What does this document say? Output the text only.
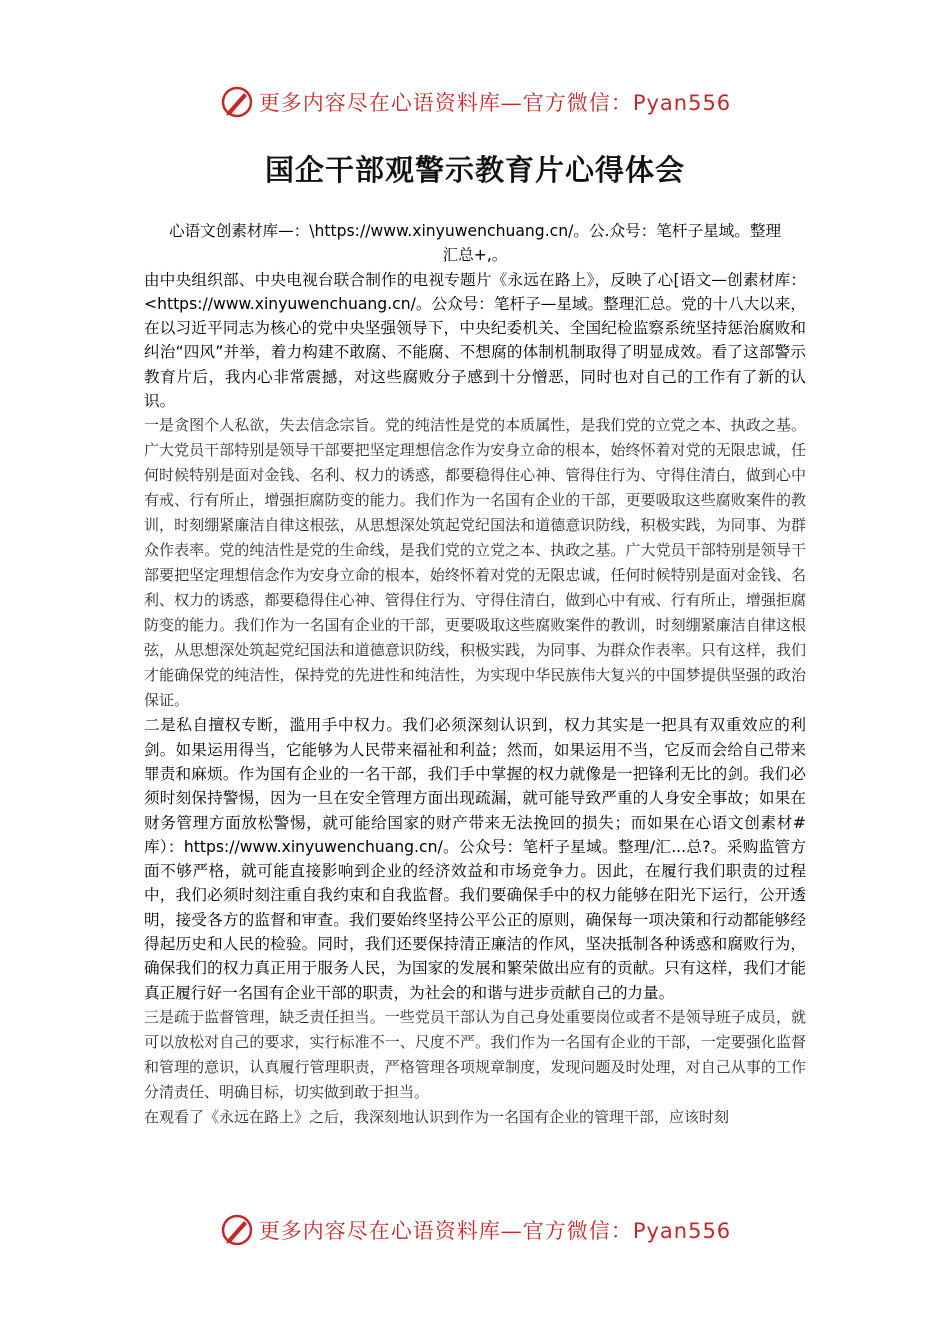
更多内容尽在心语资料库—官方微信：Pyan556
国企干部观警示教育片心得体会

心语文创素材库—：\https://www.xinyuwenchuang.cn/。公.众号：笔杆子星域。整理

汇总+,。

由中央组织部、中央电视台联合制作的电视专题片《永远在路上》，反映了心[语文—创素材库：<https://www.xinyuwenchuang.cn/。公众号：笔杆子—星域。整理汇总。党的十八大以来，在以习近平同志为核心的党中央坚强领导下，中央纪委机关、全国纪检监察系统坚持惩治腐败和纠治“四风”并举，着力构建不敢腐、不能腐、不想腐的体制机制取得了明显成效。看了这部警示教育片后，我内心非常震撼，对这些腐败分子感到十分憎恶，同时也对自己的工作有了新的认识。

一是贪图个人私欲，失去信念宗旨。党的纯洁性是党的本质属性，是我们党的立党之本、执政之基。广大党员干部特别是领导干部要把坚定理想信念作为安身立命的根本，始终怀着对党的无限忠诚，任何时候特别是面对金钱、名利、权力的诱惑，都要稳得住心神、管得住行为、守得住清白，做到心中有戒、行有所止，增强拒腐防变的能力。我们作为一名国有企业的干部，更要吸取这些腐败案件的教训，时刻绷紧廉洁自律这根弦，从思想深处筑起党纪国法和道德意识防线，积极实践，为同事、为群众作表率。党的纯洁性是党的生命线，是我们党的立党之本、执政之基。广大党员干部特别是领导干部要把坚定理想信念作为安身立命的根本，始终怀着对党的无限忠诚，任何时候特别是面对金钱、名利、权力的诱惑，都要稳得住心神、管得住行为、守得住清白，做到心中有戒、行有所止，增强拒腐防变的能力。我们作为一名国有企业的干部，更要吸取这些腐败案件的教训，时刻绷紧廉洁自律这根弦，从思想深处筑起党纪国法和道德意识防线，积极实践，为同事、为群众作表率。只有这样，我们才能确保党的纯洁性，保持党的先进性和纯洁性，为实现中华民族伟大复兴的中国梦提供坚强的政治保证。

二是私自擅权专断，滥用手中权力。我们必须深刻认识到，权力其实是一把具有双重效应的利剑。如果运用得当，它能够为人民带来福祉和利益；然而，如果运用不当，它反而会给自己带来罪责和麻烦。作为国有企业的一名干部，我们手中掌握的权力就像是一把锋利无比的剑。我们必须时刻保持警惕，因为一旦在安全管理方面出现疏漏，就可能导致严重的人身安全事故；如果在财务管理方面放松警惕，就可能给国家的财产带来无法挽回的损失；而如果在心语文创素材#库）：https://www.xinyuwenchuang.cn/。公众号：笔杆子星域。整理/汇...总?。采购监管方面不够严格，就可能直接影响到企业的经济效益和市场竞争力。因此，在履行我们职责的过程中，我们必须时刻注重自我约束和自我监督。我们要确保手中的权力能够在阳光下运行，公开透明，接受各方的监督和审查。我们要始终坚持公平公正的原则，确保每一项决策和行动都能够经得起历史和人民的检验。同时，我们还要保持清正廉洁的作风，坚决抵制各种诱惑和腐败行为，确保我们的权力真正用于服务人民，为国家的发展和繁荣做出应有的贡献。只有这样，我们才能真正履行好一名国有企业干部的职责，为社会的和谐与进步贡献自己的力量。

三是疏于监督管理，缺乏责任担当。一些党员干部认为自己身处重要岗位或者不是领导班子成员，就可以放松对自己的要求，实行标准不一、尺度不严。我们作为一名国有企业的干部，一定要强化监督和管理的意识，认真履行管理职责，严格管理各项规章制度，发现问题及时处理，对自己从事的工作分清责任、明确目标，切实做到敢于担当。

在观看了《永远在路上》之后，我深刻地认识到作为一名国有企业的管理干部，应该时刻

更多内容尽在心语资料库—官方微信：Pyan556
